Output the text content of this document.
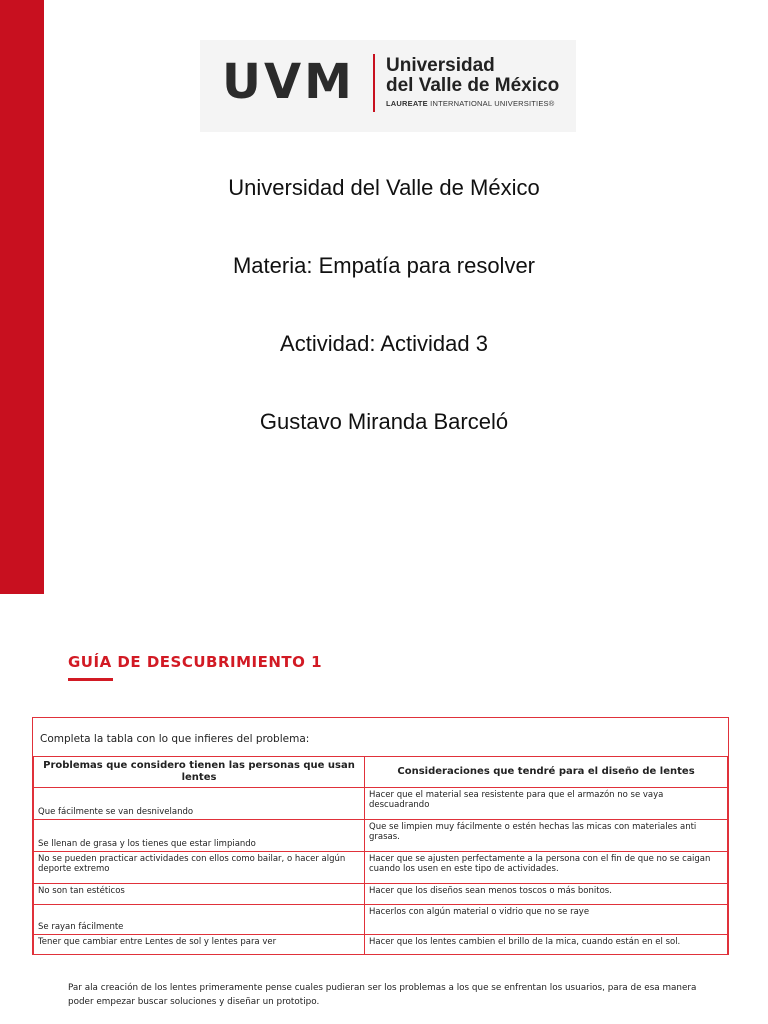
UVM Universidad
del Valle de México
LAUREATE INTERNATIONAL UNIVERSITIES®
Universidad del Valle de México
Materia: Empatía para resolver
Actividad: Actividad 3
Gustavo Miranda Barceló
GUÍA DE DESCUBRIMIENTO 1
Completa la tabla con lo que infieres del problema:
Problemas que considero tienen las personas que usan lentes	Consideraciones que tendré para el diseño de lentes
Que fácilmente se van desnivelando	Hacer que el material sea resistente para que el armazón no se vaya descuadrando
Se llenan de grasa y los tienes que estar limpiando	Que se limpien muy fácilmente o estén hechas las micas con materiales anti grasas.
No se pueden practicar actividades con ellos como bailar, o hacer algún deporte extremo	Hacer que se ajusten perfectamente a la persona con el fin de que no se caigan cuando los usen en este tipo de actividades.
No son tan estéticos	Hacer que los diseños sean menos toscos o más bonitos.
Se rayan fácilmente	Hacerlos con algún material o vidrio que no se raye
Tener que cambiar entre Lentes de sol y lentes para ver	Hacer que los lentes cambien el brillo de la mica, cuando están en el sol.
Par ala creación de los lentes primeramente pense cuales pudieran ser los problemas a los que se enfrentan los usuarios, para de esa manera poder empezar buscar soluciones y diseñar un prototipo.
